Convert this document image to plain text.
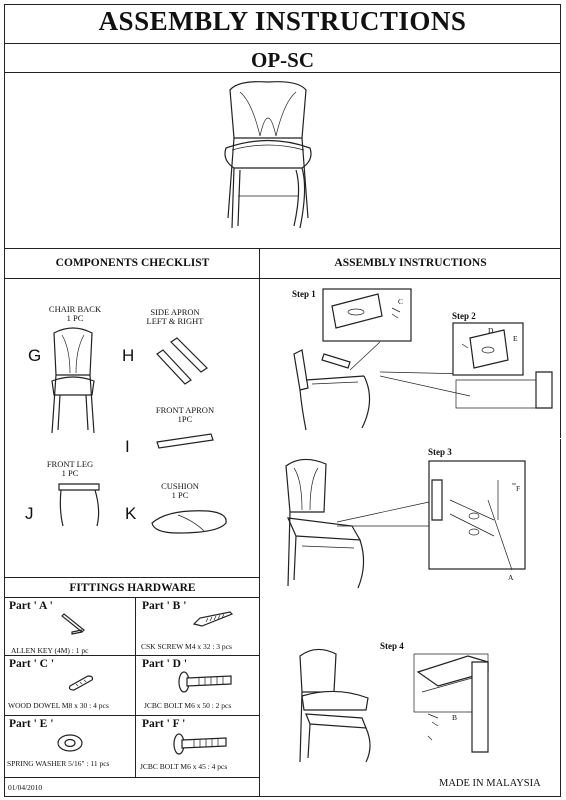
ASSEMBLY INSTRUCTIONS
OP-SC
COMPONENTS CHECKLIST
CHAIR BACK
1 PC
G
SIDE APRON
LEFT & RIGHT
H
FRONT APRON
1PC
I
FRONT LEG
1 PC
J
CUSHION
1 PC
K
FITTINGS HARDWARE
Part ' A '
ALLEN KEY (4M) : 1 pc
Part ' B '
CSK SCREW M4 x 32 : 3 pcs
Part ' C '
WOOD DOWEL M8 x 30 : 4 pcs
Part ' D '
JCBC BOLT M6 x 50 : 2 pcs
Part ' E '
SPRING WASHER 5/16" : 11 pcs
Part ' F '
JCBC BOLT M6 x 45 : 4 pcs
01/04/2010
ASSEMBLY INSTRUCTIONS
Step 1
C
Step 2
D
E
Step 3
F
A
Step 4
B
MADE IN MALAYSIA
